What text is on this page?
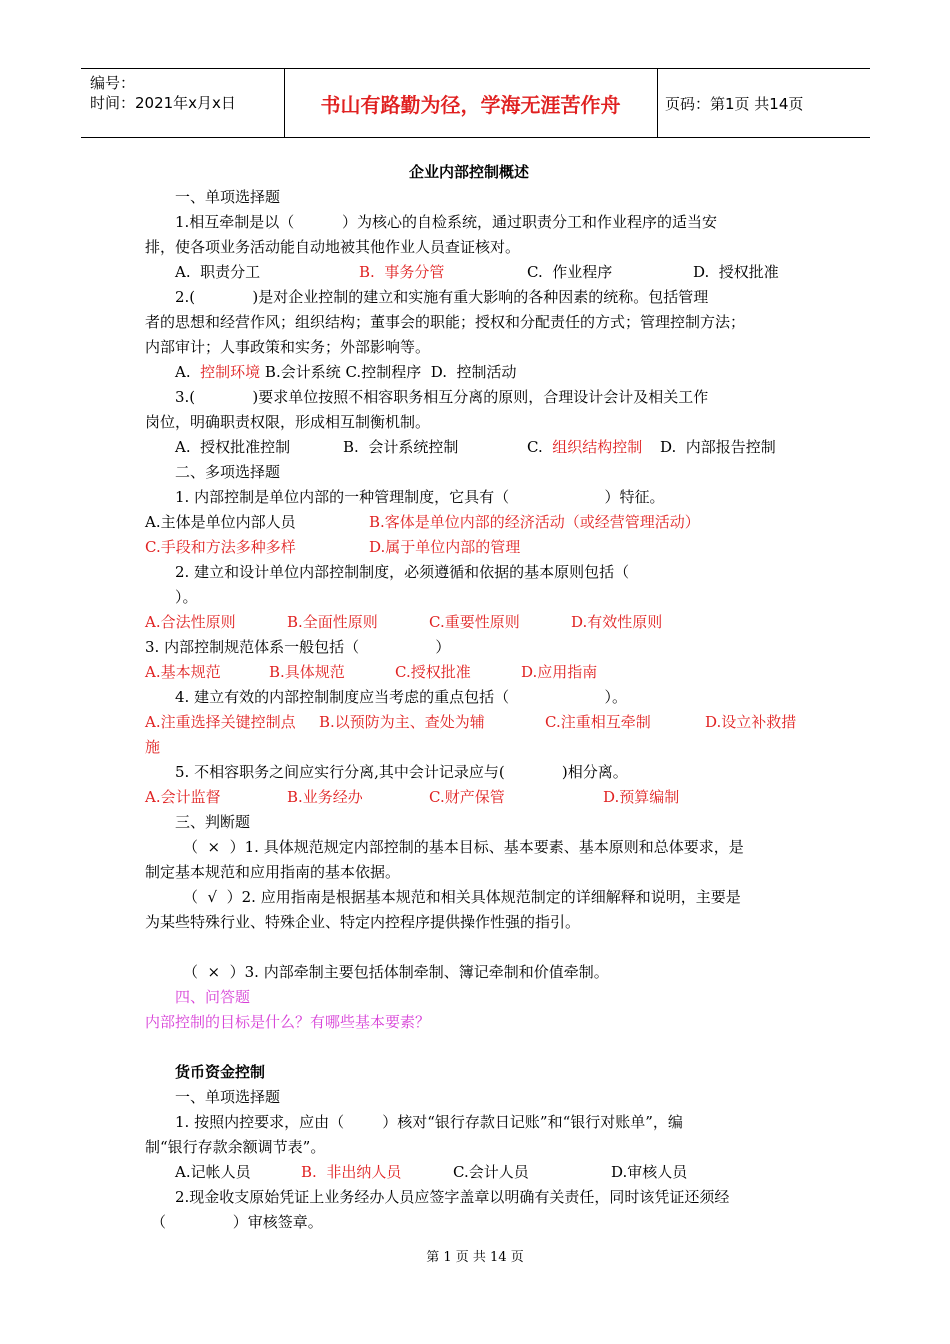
编号：
时间：2021年x月x日	书山有路勤为径，学海无涯苦作舟	页码：第1页 共14页
企业内部控制概述
一、单项选择题
1.相互牵制是以（          ）为核心的自检系统，通过职责分工和作业程序的适当安
排，使各项业务活动能自动地被其他作业人员查证核对。
A.  职责分工	B.  事务分管	C.  作业程序	D.  授权批准
2.(            )是对企业控制的建立和实施有重大影响的各种因素的统称。包括管理
者的思想和经营作风；组织结构；董事会的职能；授权和分配责任的方式；管理控制方法；
内部审计；人事政策和实务；外部影响等。
A.  控制环境 B.会计系统 C.控制程序  D.  控制活动
3.(            )要求单位按照不相容职务相互分离的原则，合理设计会计及相关工作
岗位，明确职责权限，形成相互制衡机制。
A.  授权批准控制	B.  会计系统控制	C.  组织结构控制 D.  内部报告控制
二、多项选择题
1. 内部控制是单位内部的一种管理制度，它具有（                    ）特征。
A.主体是单位内部人员	B.客体是单位内部的经济活动（或经营管理活动）
C.手段和方法多种多样	D.属于单位内部的管理
2. 建立和设计单位内部控制制度，必须遵循和依据的基本原则包括（
）。
A.合法性原则	B.全面性原则	C.重要性原则	D.有效性原则
3. 内部控制规范体系一般包括（                ）
A.基本规范	B.具体规范	C.授权批准	D.应用指南
4. 建立有效的内部控制制度应当考虑的重点包括（                    ）。
A.注重选择关键控制点 B.以预防为主、查处为辅	C.注重相互牵制	D.设立补救措
施
5. 不相容职务之间应实行分离,其中会计记录应与(            )相分离。
A.会计监督	B.业务经办	C.财产保管	D.预算编制
三、判断题
（  ×  ）1. 具体规范规定内部控制的基本目标、基本要素、基本原则和总体要求，是
制定基本规范和应用指南的基本依据。
（  √  ）2. 应用指南是根据基本规范和相关具体规范制定的详细解释和说明，主要是
为某些特殊行业、特殊企业、特定内控程序提供操作性强的指引。
（  ×  ）3. 内部牵制主要包括体制牵制、簿记牵制和价值牵制。
四、问答题
内部控制的目标是什么？有哪些基本要素？
货币资金控制
一、单项选择题
1. 按照内控要求，应由（        ）核对“银行存款日记账”和“银行对账单”，编
制“银行存款余额调节表”。
A.记帐人员	B.  非出纳人员	C.会计人员	D.审核人员
2.现金收支原始凭证上业务经办人员应签字盖章以明确有关责任，同时该凭证还须经
（              ）审核签章。
第 1 页 共 14 页
